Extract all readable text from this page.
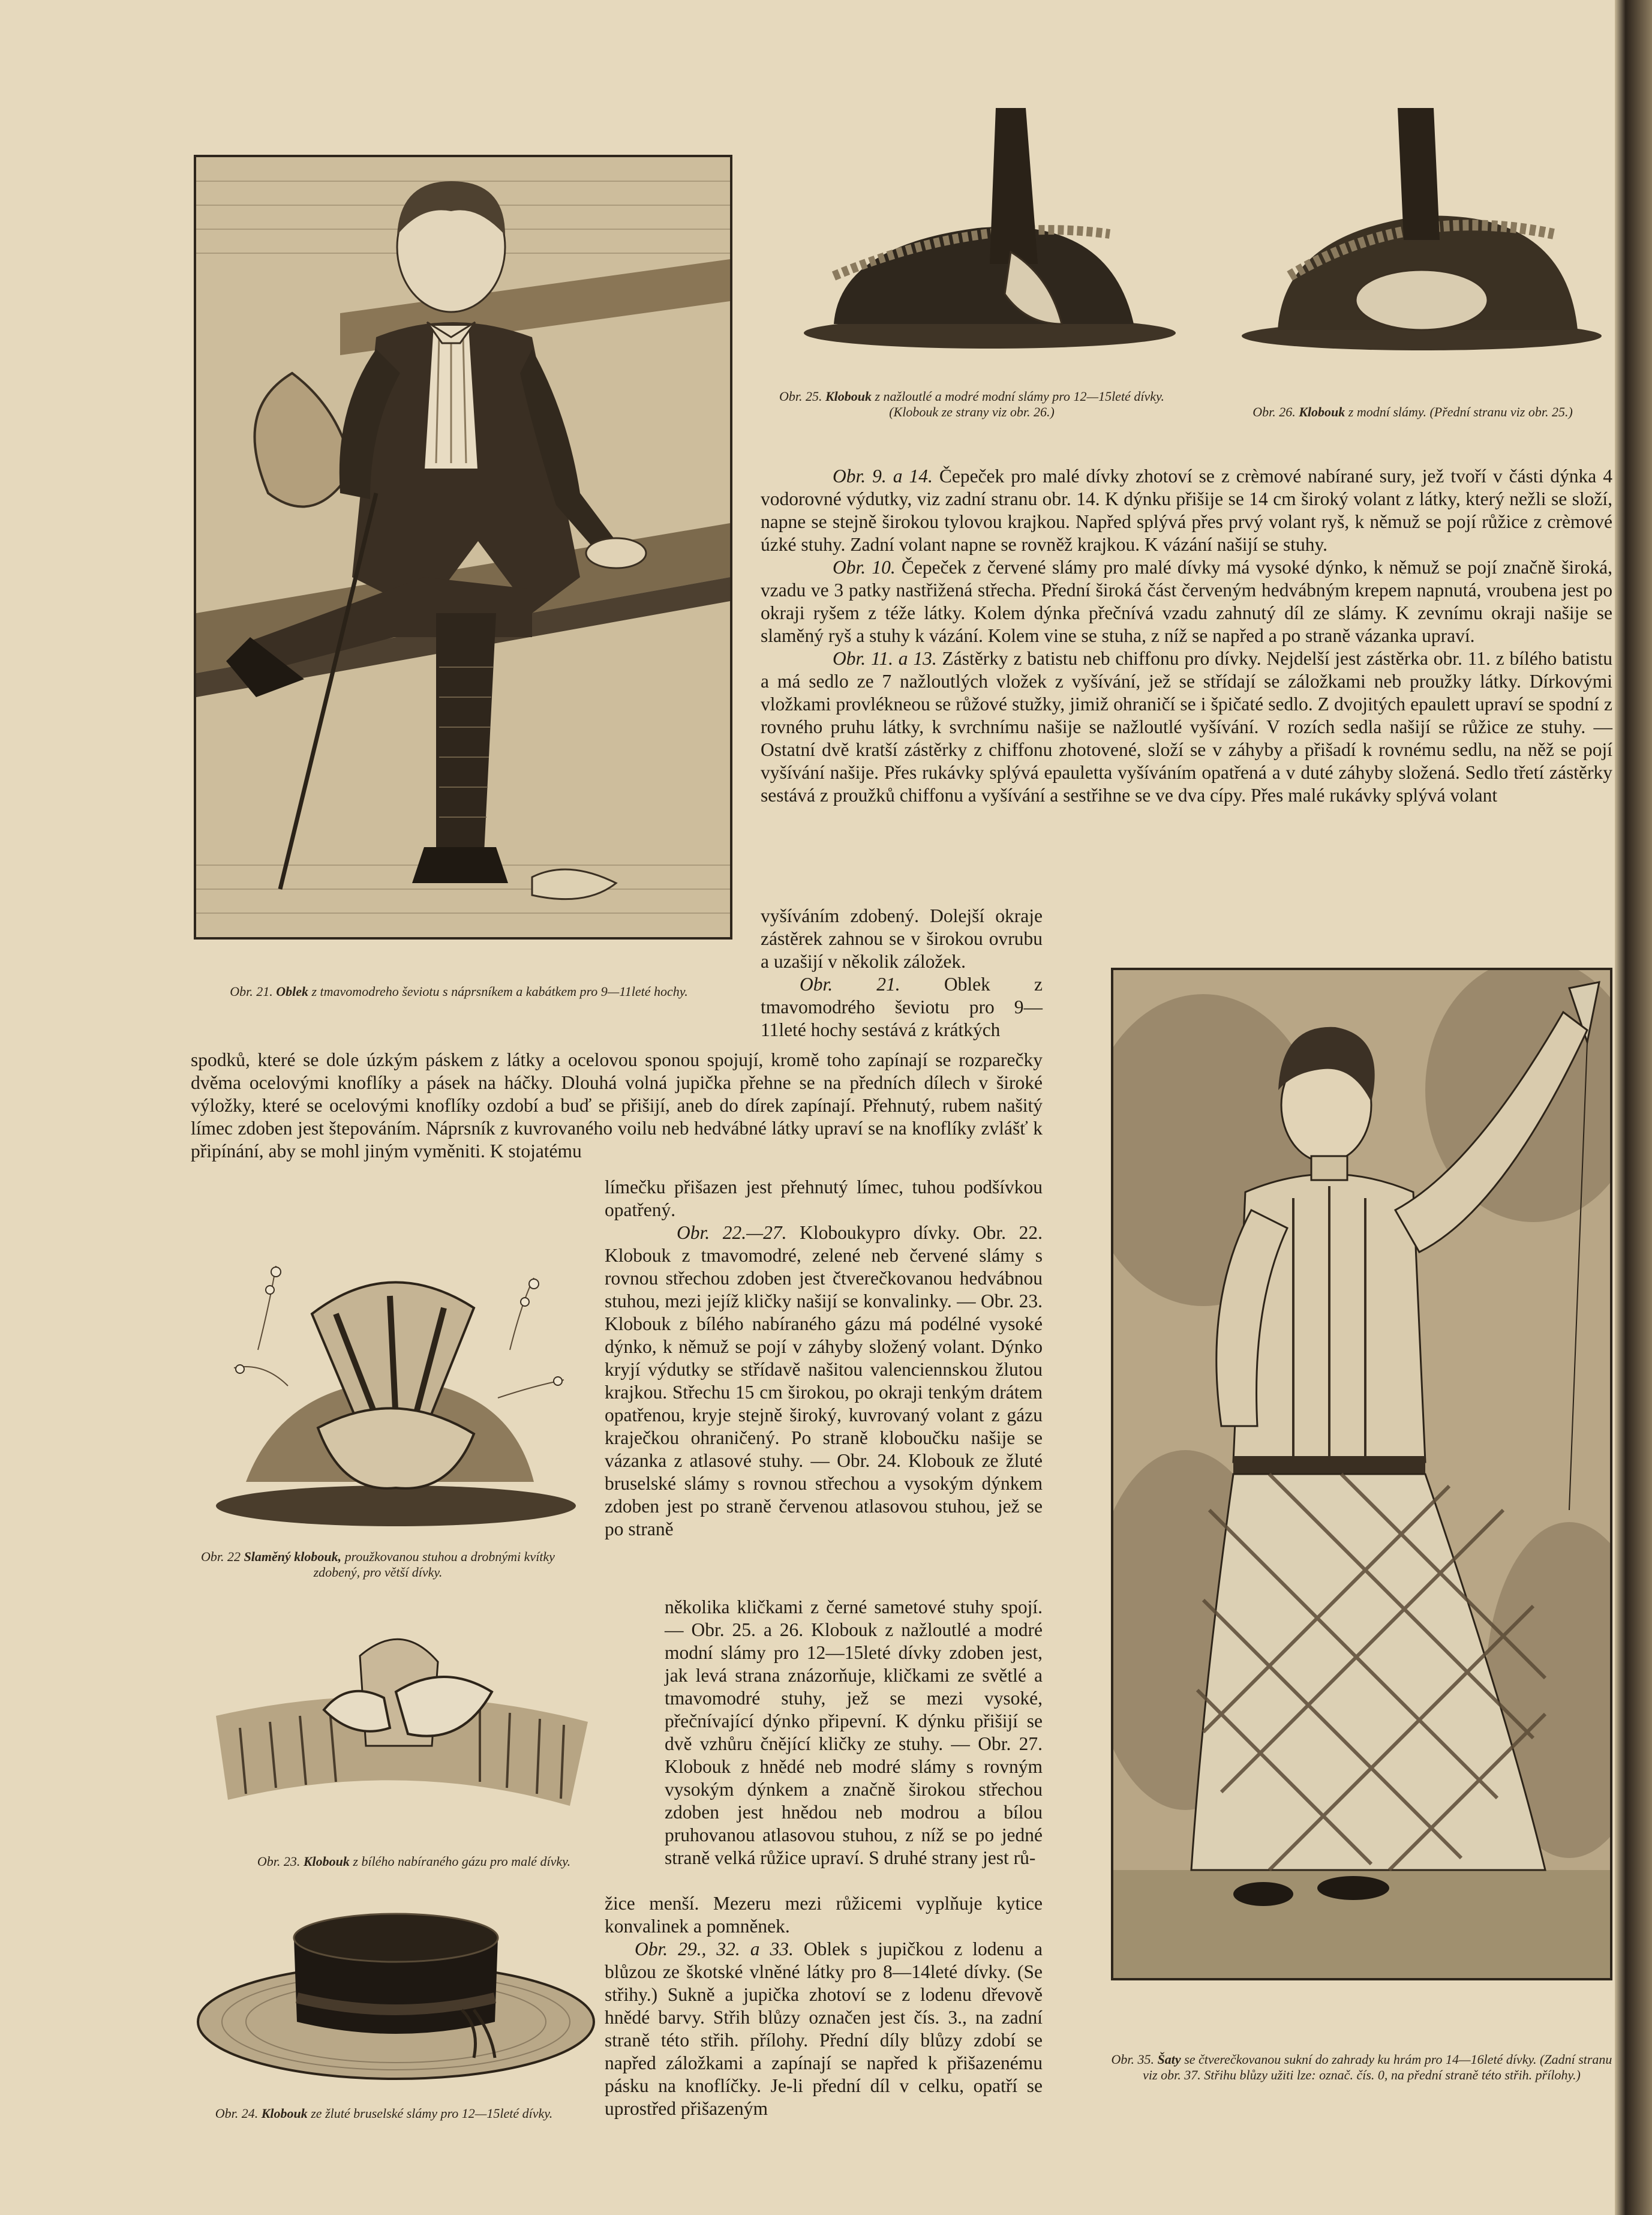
Obr. 21. Oblek z tmavomodreho ševiotu s náprsníkem a kabátkem pro 9—11leté hochy.
Obr. 25. Klobouk z nažloutlé a modré modní slámy pro 12—15leté dívky. (Klobouk ze strany viz obr. 26.)	Obr. 26. Klobouk z modní slámy. (Přední stranu viz obr. 25.)

Obr. 9. a 14. Čepeček pro malé dívky zhotoví se z crèmové nabírané sury, jež tvoří v části dýnka 4 vodorovné výdutky, viz zadní stranu obr. 14. K dýnku přišije se 14 cm široký volant z látky, který nežli se složí, napne se stejně širokou tylovou krajkou. Napřed splývá přes prvý volant ryš, k němuž se pojí růžice z crèmové úzké stuhy. Zadní volant napne se rovněž krajkou. K vázání našijí se stuhy.

Obr. 10. Čepeček z červené slámy pro malé dívky má vysoké dýnko, k němuž se pojí značně široká, vzadu ve 3 patky nastřižená střecha. Přední široká část červeným hedvábným krepem napnutá, vroubena jest po okraji ryšem z téže látky. Kolem dýnka přečnívá vzadu zahnutý díl ze slámy. K zevnímu okraji našije se slaměný ryš a stuhy k vázání. Kolem vine se stuha, z níž se napřed a po straně vázanka upraví.

Obr. 11. a 13. Zástěrky z batistu neb chiffonu pro dívky. Nejdelší jest zástěrka obr. 11. z bílého batistu a má sedlo ze 7 nažloutlých vložek z vyšívání, jež se střídají se záložkami neb proužky látky. Dírkovými vložkami provlékneou se růžové stužky, jimiž ohraničí se i špičaté sedlo. Z dvojitých epaulett upraví se spodní z rovného pruhu látky, k svrchnímu našije se nažloutlé vyšívání. V rozích sedla našijí se růžice ze stuhy. — Ostatní dvě kratší zástěrky z chiffonu zhotovené, složí se v záhyby a přišadí k rovnému sedlu, na něž se pojí vyšívání našije. Přes rukávky splývá epauletta vyšíváním opatřená a v duté záhyby složená. Sedlo třetí zástěrky sestává z proužků chiffonu a vyšívání a sestřihne se ve dva cípy. Přes malé rukávky splývá volant

vyšíváním zdobený. Dolejší okraje zástěrek zahnou se v širokou ovrubu a uzašijí v několik záložek.

Obr. 21. Oblek z tmavomodrého ševiotu pro 9—11leté hochy sestává z krátkých

spodků, které se dole úzkým páskem z látky a ocelovou sponou spojují, kromě toho zapínají se rozparečky dvěma ocelovými knoflíky a pásek na háčky. Dlouhá volná jupička přehne se na předních dílech v široké výložky, které se ocelovými knoflíky ozdobí a buď se přišijí, aneb do dírek zapínají. Přehnutý, rubem našitý límec zdoben jest štepováním. Náprsník z kuvrovaného voilu neb hedvábné látky upraví se na knoflíky zvlášť k připínání, aby se mohl jiným vyměniti. K stojatému

límečku přišazen jest přehnutý límec, tuhou podšívkou opatřený.

Obr. 22.—27. Kloboukypro dívky. Obr. 22. Klobouk z tmavomodré, zelené neb červené slámy s rovnou střechou zdoben jest čtverečkovanou hedvábnou stuhou, mezi jejíž kličky našijí se konvalinky. — Obr. 23. Klobouk z bílého nabíraného gázu má podélné vysoké dýnko, k němuž se pojí v záhyby složený volant. Dýnko kryjí výdutky se střídavě našitou valenciennskou žlutou krajkou. Střechu 15 cm širokou, po okraji tenkým drátem opatřenou, kryje stejně široký, kuvrovaný volant z gázu kraječkou ohraničený. Po straně kloboučku našije se vázanka z atlasové stuhy. — Obr. 24. Klobouk ze žluté bruselské slámy s rovnou střechou a vysokým dýnkem zdoben jest po straně červenou atlasovou stuhou, jež se po straně

několika kličkami z černé sametové stuhy spojí. — Obr. 25. a 26. Klobouk z nažloutlé a modré modní slámy pro 12—15leté dívky zdoben jest, jak levá strana znázorňuje, kličkami ze světlé a tmavomodré stuhy, jež se mezi vysoké, přečnívající dýnko připevní. K dýnku přišijí se dvě vzhůru čnějící kličky ze stuhy. — Obr. 27. Klobouk z hnědé neb modré slámy s rovným vysokým dýnkem a značně širokou střechou zdoben jest hnědou neb modrou a bílou pruhovanou atlasovou stuhou, z níž se po jedné straně velká růžice upraví. S druhé strany jest rů-

žice menší. Mezeru mezi růžicemi vyplňuje kytice konvalinek a pomněnek.

Obr. 29., 32. a 33. Oblek s jupičkou z lodenu a blůzou ze škotské vlněné látky pro 8—14leté dívky. (Se střihy.) Sukně a jupička zhotoví se z lodenu dřevově hnědé barvy. Střih blůzy označen jest čís. 3., na zadní straně této střih. přílohy. Přední díly blůzy zdobí se napřed záložkami a zapínají se napřed k přišazenému pásku na knoflíčky. Je-li přední díl v celku, opatří se uprostřed přišazeným

Obr. 22 Slaměný klobouk, proužkovanou stuhou a drobnými kvítky zdobený, pro větší dívky.
Obr. 23. Klobouk z bílého nabíraného gázu pro malé dívky.
Obr. 24. Klobouk ze žluté bruselské slámy pro 12—15leté dívky.
Obr. 35. Šaty se čtverečkovanou sukní do zahrady ku hrám pro 14—16leté dívky. (Zadní stranu viz obr. 37. Střihu blůzy užiti lze: označ. čís. 0, na přední straně této střih. přílohy.)
